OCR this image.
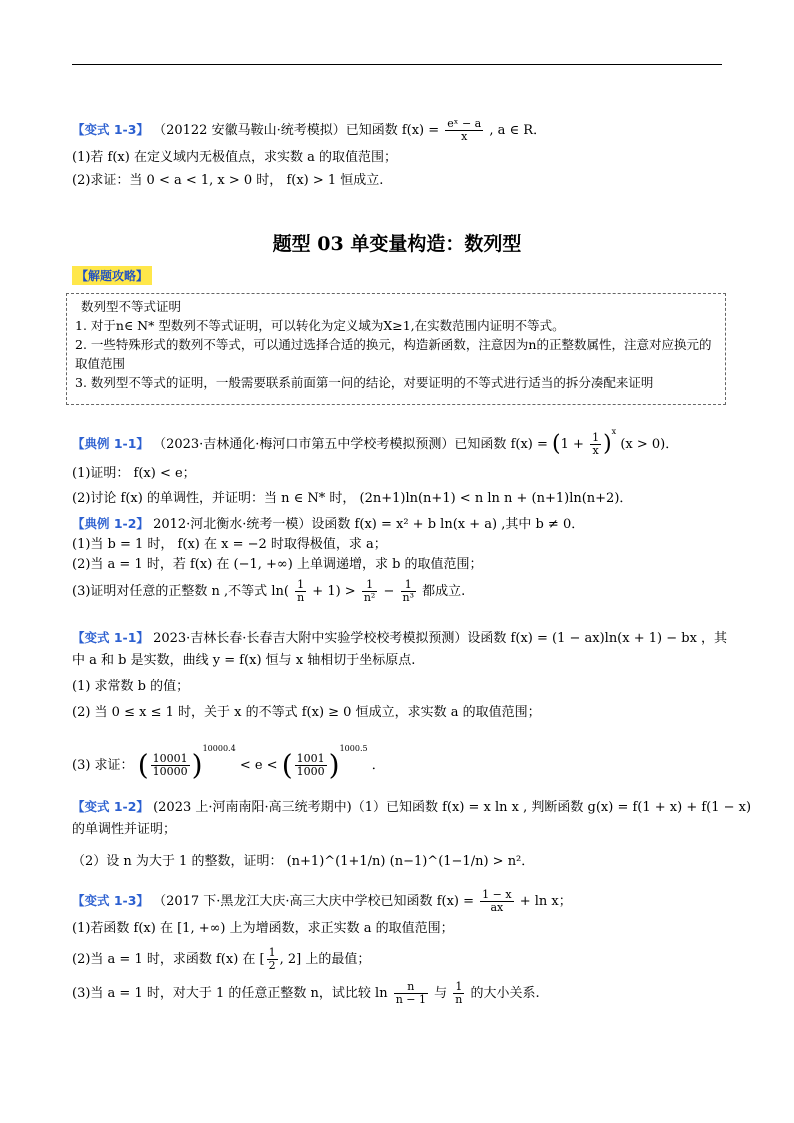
【变式 1-3】 （20122 安徽马鞍山·统考模拟）已知函数 $f(x) = \frac{\text{eˣ − a}}{x}$ , a ∈ R．
(1)若 f(x) 在定义域内无极值点，求实数 a 的取值范围；
(2)求证：当 0 < a < 1, x > 0 时， f(x) > 1 恒成立.
题型 03 单变量构造：数列型
【解题攻略】
数列型不等式证明
1. 对于n∈ N* 型数列不等式证明，可以转化为定义域为X≥1,在实数范围内证明不等式。
2. 一些特殊形式的数列不等式，可以通过选择合适的换元，构造新函数，注意因为n的正整数属性，注意对应换元的取值范围
3. 数列型不等式的证明，一般需要联系前面第一问的结论，对要证明的不等式进行适当的拆分凑配来证明
【典例 1-1】 （2023·吉林通化·梅河口市第五中学校考模拟预测）已知函数 $f(x) = (1 + \frac{1}{x} )^x$ (x > 0)．
(1)证明： f(x) < e；
(2)讨论 f(x) 的单调性，并证明：当 n ∈ N* 时， (2n+1)ln(n+1) < n ln n + (n+1)ln(n+2)．
【典例 1-2】 2012·河北衡水·统考一模）设函数 f(x) = x² + b ln(x + a) ,其中 b ≠ 0．
(1)当 b = 1 时， f(x) 在 x = −2 时取得极值，求 a；
(2)当 a = 1 时，若 f(x) 在 (−1, +∞) 上单调递增，求 b 的取值范围；
(3)证明对任意的正整数 n ,不等式 $\ln( \frac{1}{n} + 1) > \frac{1}{\text{n²}} - \frac{1}{\text{n³}}$ 都成立.
【变式 1-1】 2023·吉林长春·长春吉大附中实验学校校考模拟预测）设函数 f(x) = (1 − ax)ln(x + 1) − bx ，其
中 a 和 b 是实数，曲线 y = f(x) 恒与 x 轴相切于坐标原点.
(1) 求常数 b 的值；
(2) 当 0 ≤ x ≤ 1 时，关于 x 的不等式 f(x) ≥ 0 恒成立，求实数 a 的取值范围；
(3) 求证： ( $\frac{10001}{10000} )^{10000.4} < e$ < ( $\frac{1001}{1000} )^{1000.5}$ ．
【变式 1-2】 (2023 上·河南南阳·高三统考期中)（1）已知函数 f(x) = x ln x , 判断函数 g(x) = f(1 + x) + f(1 − x)
的单调性并证明；
（2）设 n 为大于 1 的整数，证明： (n+1)^(1+1/n) (n−1)^(1−1/n) > n²．
【变式 1-3】 （2017 下·黑龙江大庆·高三大庆中学校已知函数 $f(x) = \frac{1 - x}{ax} + \ln x$；
(1)若函数 f(x) 在 [1, +∞) 上为增函数，求正实数 a 的取值范围；
(2)当 a = 1 时，求函数 f(x) 在 [ $\frac{1}{2}$ , 2] 上的最值；
(3)当 a = 1 时，对大于 1 的任意正整数 n，试比较 $\ln \frac{n}{n - 1}$ 与 $\frac{1}{n}$ 的大小关系.
